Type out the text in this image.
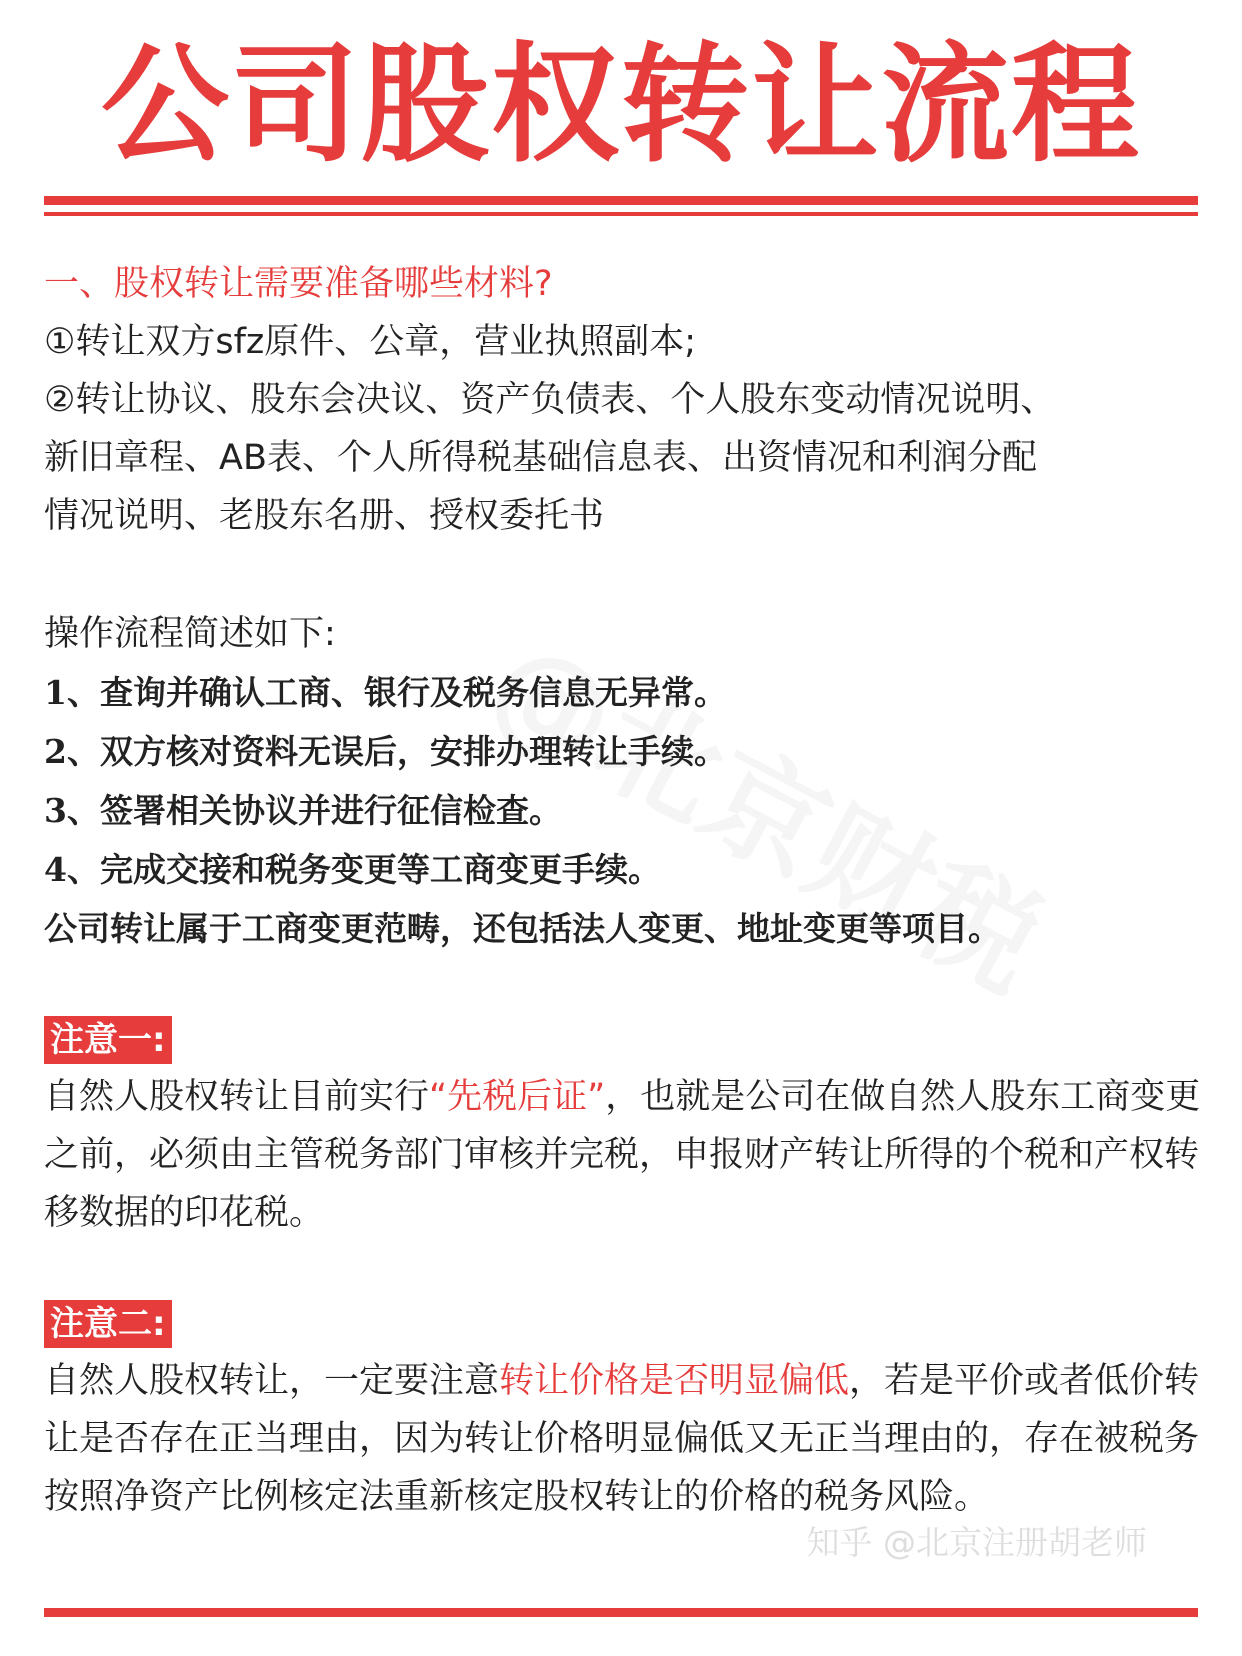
公司股权转让流程
一、股权转让需要准备哪些材料?
①转让双方sfz原件、公章，营业执照副本;
②转让协议、股东会决议、资产负债表、个人股东变动情况说明、
新旧章程、AB表、个人所得税基础信息表、出资情况和利润分配
情况说明、老股东名册、授权委托书
操作流程简述如下:
1、查询并确认工商、银行及税务信息无异常。
2、双方核对资料无误后，安排办理转让手续。
3、签署相关协议并进行征信检查。
4、完成交接和税务变更等工商变更手续。
公司转让属于工商变更范畴，还包括法人变更、地址变更等项目。
注意一:
自然人股权转让目前实行“先税后证”，也就是公司在做自然人股东工商变更之前，必须由主管税务部门审核并完税，申报财产转让所得的个税和产权转移数据的印花税。
注意二:
自然人股权转让，一定要注意转让价格是否明显偏低，若是平价或者低价转让是否存在正当理由，因为转让价格明显偏低又无正当理由的，存在被税务按照净资产比例核定法重新核定股权转让的价格的税务风险。
知乎 @北京注册胡老师
